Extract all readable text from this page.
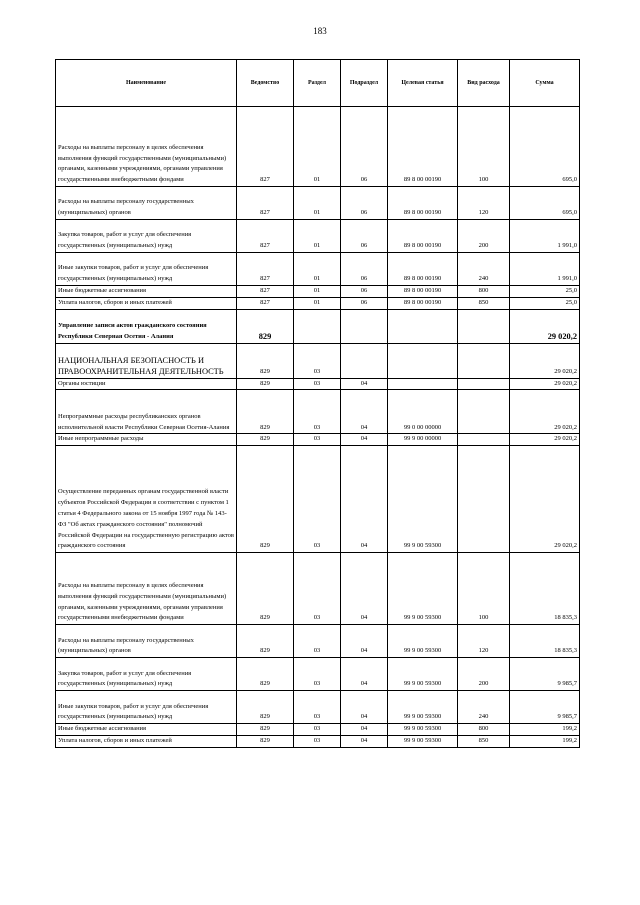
183
Наименование	Ведомство	Раздел	Подраздел	Целевая статья	Вид расхода	Сумма
Расходы на выплаты персоналу в целях обеспечения выполнения функций государственными (муниципальными) органами, казенными учреждениями, органами управления государственными внебюджетными фондами	827	01	06	89 8 00 00190	100	695,0
Расходы на выплаты персоналу государственных (муниципальных) органов	827	01	06	89 8 00 00190	120	695,0
Закупка товаров, работ и услуг для обеспечения государственных (муниципальных) нужд	827	01	06	89 8 00 00190	200	1 991,0
Иные закупки товаров, работ и услуг для обеспечения государственных (муниципальных) нужд	827	01	06	89 8 00 00190	240	1 991,0
Иные бюджетные ассигнования	827	01	06	89 8 00 00190	800	25,0
Уплата налогов, сборов и иных платежей	827	01	06	89 8 00 00190	850	25,0
Управление записи актов гражданского состояния Республики Северная Осетия - Алания	829					29 020,2
НАЦИОНАЛЬНАЯ БЕЗОПАСНОСТЬ И ПРАВООХРАНИТЕЛЬНАЯ ДЕЯТЕЛЬНОСТЬ	829	03				29 020,2
Органы юстиции	829	03	04			29 020,2
Непрограммные расходы республиканских органов исполнительной власти Республики Северная Осетия-Алания	829	03	04	99 0 00 00000		29 020,2
Иные непрограммные расходы	829	03	04	99 9 00 00000		29 020,2
Осуществление переданных органам государственной власти субъектов Российской Федерации в соответствии с пунктом 1 статьи 4 Федерального закона от 15 ноября 1997 года № 143-ФЗ "Об актах гражданского состояния" полномочий Российской Федерации на государственную регистрацию актов гражданского состояния	829	03	04	99 9 00 59300		29 020,2
Расходы на выплаты персоналу в целях обеспечения выполнения функций государственными (муниципальными) органами, казенными учреждениями, органами управления государственными внебюджетными фондами	829	03	04	99 9 00 59300	100	18 835,3
Расходы на выплаты персоналу государственных (муниципальных) органов	829	03	04	99 9 00 59300	120	18 835,3
Закупка товаров, работ и услуг для обеспечения государственных (муниципальных) нужд	829	03	04	99 9 00 59300	200	9 985,7
Иные закупки товаров, работ и услуг для обеспечения государственных (муниципальных) нужд	829	03	04	99 9 00 59300	240	9 985,7
Иные бюджетные ассигнования	829	03	04	99 9 00 59300	800	199,2
Уплата налогов, сборов и иных платежей	829	03	04	99 9 00 59300	850	199,2
